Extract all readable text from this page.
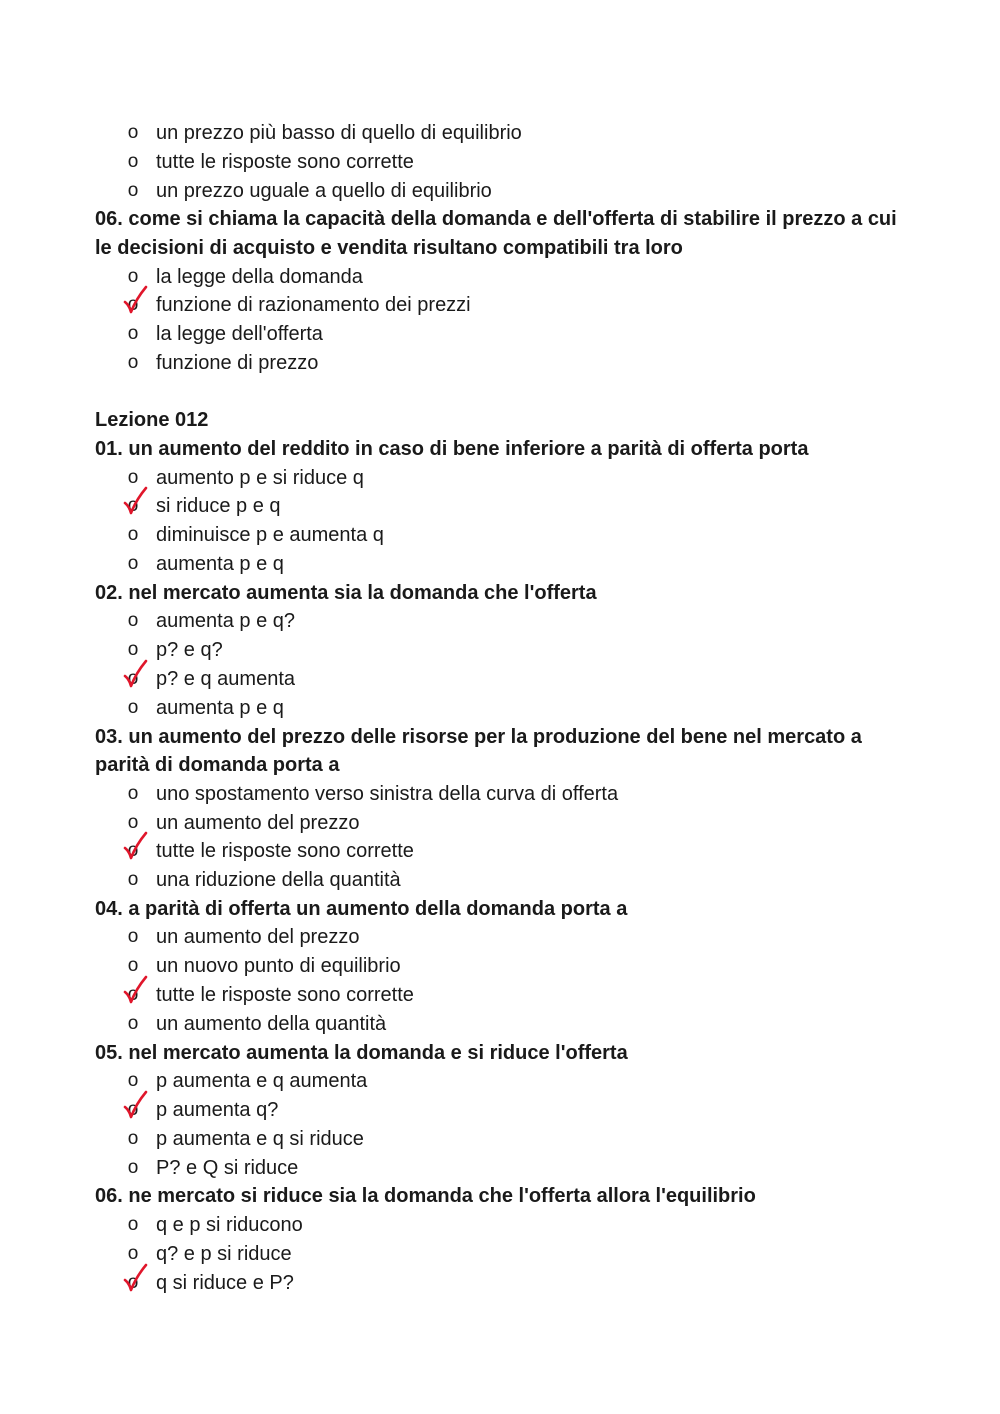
o un prezzo più basso di quello di equilibrio
o tutte le risposte sono corrette
o un prezzo uguale a quello di equilibrio

06. come si chiama la capacità della domanda e dell'offerta di stabilire il prezzo a cui le decisioni di acquisto e vendita risultano compatibili tra loro

o la legge della domanda
o funzione di razionamento dei prezzi
o la legge dell'offerta
o funzione di prezzo

Lezione 012

01. un aumento del reddito in caso di bene inferiore a parità di offerta porta

o aumento p e si riduce q
o si riduce p e q
o diminuisce p e aumenta q
o aumenta p e q

02. nel mercato aumenta sia la domanda che l'offerta

o aumenta p e q?
o p? e q?
o p? e q aumenta
o aumenta p e q

03. un aumento del prezzo delle risorse per la produzione del bene nel mercato a parità di domanda porta a

o uno spostamento verso sinistra della curva di offerta
o un aumento del prezzo
o tutte le risposte sono corrette
o una riduzione della quantità

04. a parità di offerta un aumento della domanda porta a

o un aumento del prezzo
o un nuovo punto di equilibrio
o tutte le risposte sono corrette
o un aumento della quantità

05. nel mercato aumenta la domanda e si riduce l'offerta

o p aumenta e q aumenta
o p aumenta q?
o p aumenta e q si riduce
o P? e Q si riduce

06. ne mercato si riduce sia la domanda che l'offerta allora l'equilibrio

o q e p si riducono
o q? e p si riduce
o q si riduce e P?
